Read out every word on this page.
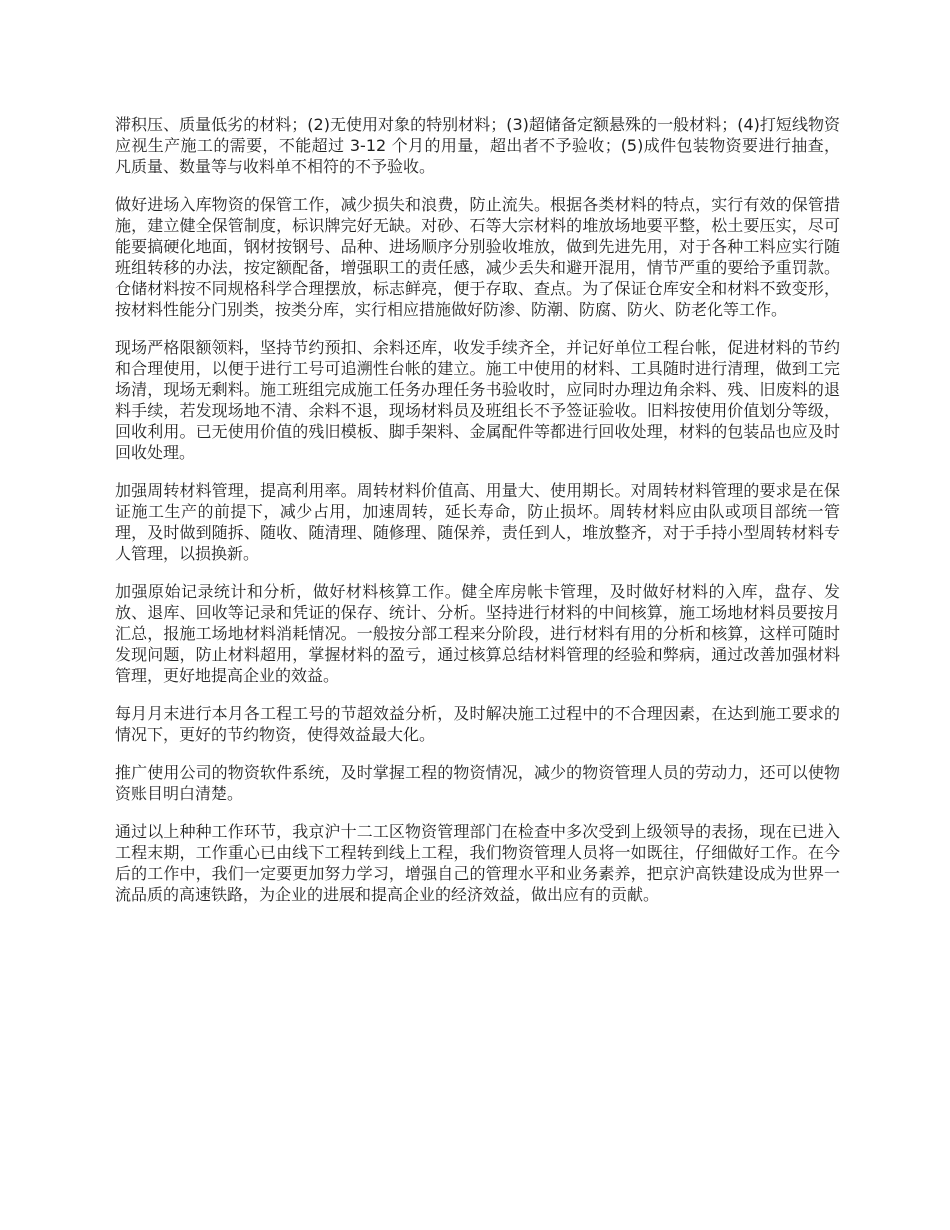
滞积压、质量低劣的材料；(2)无使用对象的特别材料；(3)超储备定额悬殊的一般材料；(4)打短线物资应视生产施工的需要，不能超过 3-12 个月的用量，超出者不予验收；(5)成件包装物资要进行抽查，凡质量、数量等与收料单不相符的不予验收。

做好进场入库物资的保管工作，减少损失和浪费，防止流失。根据各类材料的特点，实行有效的保管措施，建立健全保管制度，标识牌完好无缺。对砂、石等大宗材料的堆放场地要平整，松土要压实，尽可能要搞硬化地面，钢材按钢号、品种、进场顺序分别验收堆放，做到先进先用，对于各种工料应实行随班组转移的办法，按定额配备，增强职工的责任感，减少丢失和避开混用，情节严重的要给予重罚款。仓储材料按不同规格科学合理摆放，标志鲜亮，便于存取、查点。为了保证仓库安全和材料不致变形，按材料性能分门别类，按类分库，实行相应措施做好防渗、防潮、防腐、防火、防老化等工作。

现场严格限额领料，坚持节约预扣、余料还库，收发手续齐全，并记好单位工程台帐，促进材料的节约和合理使用，以便于进行工号可追溯性台帐的建立。施工中使用的材料、工具随时进行清理，做到工完场清，现场无剩料。施工班组完成施工任务办理任务书验收时，应同时办理边角余料、残、旧废料的退料手续，若发现场地不清、余料不退，现场材料员及班组长不予签证验收。旧料按使用价值划分等级，回收利用。已无使用价值的残旧模板、脚手架料、金属配件等都进行回收处理，材料的包装品也应及时回收处理。

加强周转材料管理，提高利用率。周转材料价值高、用量大、使用期长。对周转材料管理的要求是在保证施工生产的前提下，减少占用，加速周转，延长寿命，防止损坏。周转材料应由队或项目部统一管理，及时做到随拆、随收、随清理、随修理、随保养，责任到人，堆放整齐，对于手持小型周转材料专人管理，以损换新。

加强原始记录统计和分析，做好材料核算工作。健全库房帐卡管理，及时做好材料的入库，盘存、发放、退库、回收等记录和凭证的保存、统计、分析。坚持进行材料的中间核算，施工场地材料员要按月汇总，报施工场地材料消耗情况。一般按分部工程来分阶段，进行材料有用的分析和核算，这样可随时发现问题，防止材料超用，掌握材料的盈亏，通过核算总结材料管理的经验和弊病，通过改善加强材料管理，更好地提高企业的效益。

每月月末进行本月各工程工号的节超效益分析，及时解决施工过程中的不合理因素，在达到施工要求的情况下，更好的节约物资，使得效益最大化。

推广使用公司的物资软件系统，及时掌握工程的物资情况，减少的物资管理人员的劳动力，还可以使物资账目明白清楚。

通过以上种种工作环节，我京沪十二工区物资管理部门在检查中多次受到上级领导的表扬，现在已进入工程末期，工作重心已由线下工程转到线上工程，我们物资管理人员将一如既往，仔细做好工作。在今后的工作中，我们一定要更加努力学习，增强自己的管理水平和业务素养，把京沪高铁建设成为世界一流品质的高速铁路，为企业的进展和提高企业的经济效益，做出应有的贡献。
